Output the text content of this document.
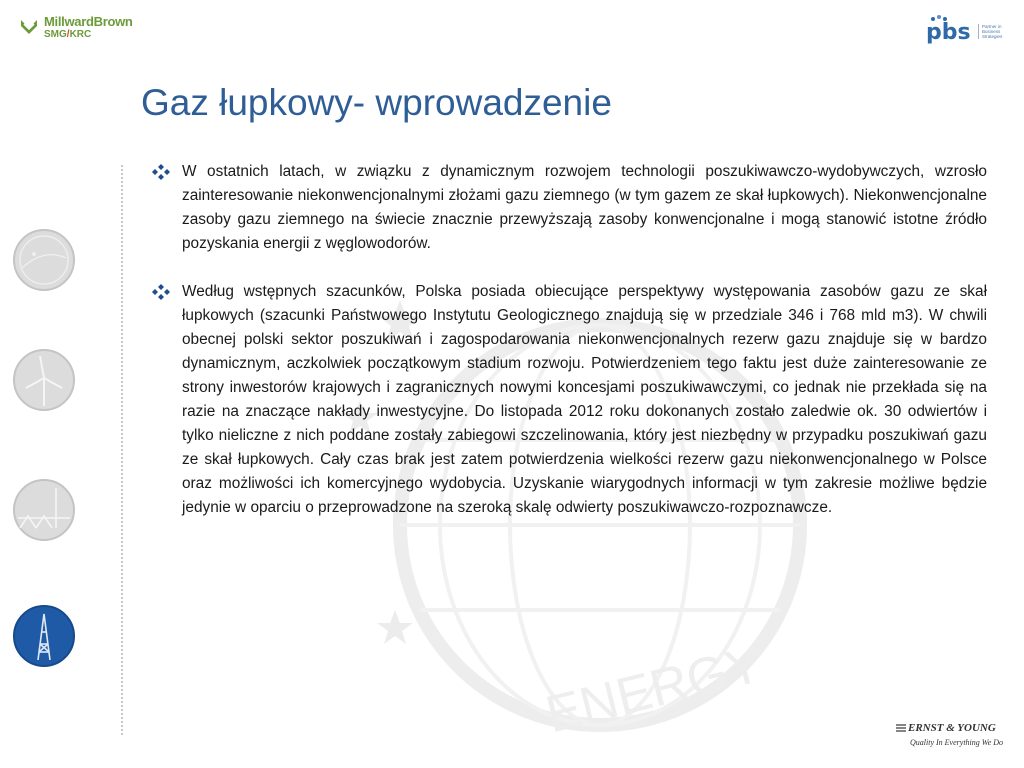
ENERGY
MillwardBrown
SMG/KRC	pbs	Partner in
Business
Strategies
Gaz łupkowy- wprowadzenie
W ostatnich latach, w związku z dynamicznym rozwojem technologii poszukiwawczo-wydobywczych, wzrosło zainteresowanie niekonwencjonalnymi złożami gazu ziemnego (w tym gazem ze skał łupkowych). Niekonwencjonalne zasoby gazu ziemnego na świecie znacznie przewyższają zasoby konwencjonalne i mogą stanowić istotne źródło pozyskania energii z węglowodorów.
Według wstępnych szacunków, Polska posiada obiecujące perspektywy występowania zasobów gazu ze skał łupkowych (szacunki Państwowego Instytutu Geologicznego znajdują się w przedziale 346 i 768 mld m3). W chwili obecnej polski sektor poszukiwań i zagospodarowania niekonwencjonalnych rezerw gazu znajduje się w bardzo dynamicznym, aczkolwiek początkowym stadium rozwoju. Potwierdzeniem tego faktu jest duże zainteresowanie ze strony inwestorów krajowych i zagranicznych nowymi koncesjami poszukiwawczymi, co jednak nie przekłada się na razie na znaczące nakłady inwestycyjne. Do listopada 2012 roku dokonanych zostało zaledwie ok. 30 odwiertów i tylko nieliczne z nich poddane zostały zabiegowi szczelinowania, który jest niezbędny w przypadku poszukiwań gazu ze skał łupkowych. Cały czas brak jest zatem potwierdzenia wielkości rezerw gazu niekonwencjonalnego w Polsce oraz możliwości ich komercyjnego wydobycia. Uzyskanie wiarygodnych informacji w tym zakresie możliwe będzie jedynie w oparciu o przeprowadzone na szeroką skalę odwierty poszukiwawczo-rozpoznawcze.
ERNST & YOUNG
Quality In Everything We Do
